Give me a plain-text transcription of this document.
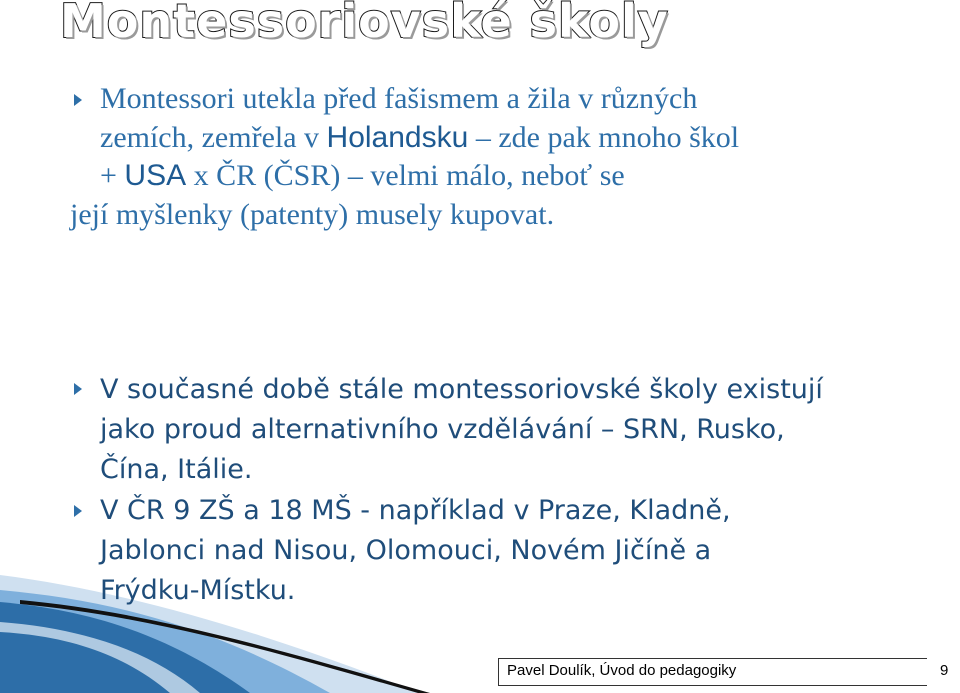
Montessoriovské školy
Montessori utekla před fašismem a žila v různých
zemích, zemřela v Holandsku – zde pak mnoho škol
+ USA x ČR (ČSR) – velmi málo, neboť se
její myšlenky (patenty) musely kupovat.
V současné době stále montessoriovské školy existují
jako proud alternativního vzdělávání – SRN, Rusko,
Čína, Itálie.
V ČR 9 ZŠ a 18 MŠ - například v Praze, Kladně,
Jablonci nad Nisou, Olomouci, Novém Jičíně a
Frýdku-Místku.
Pavel Doulík, Úvod do pedagogiky	9
